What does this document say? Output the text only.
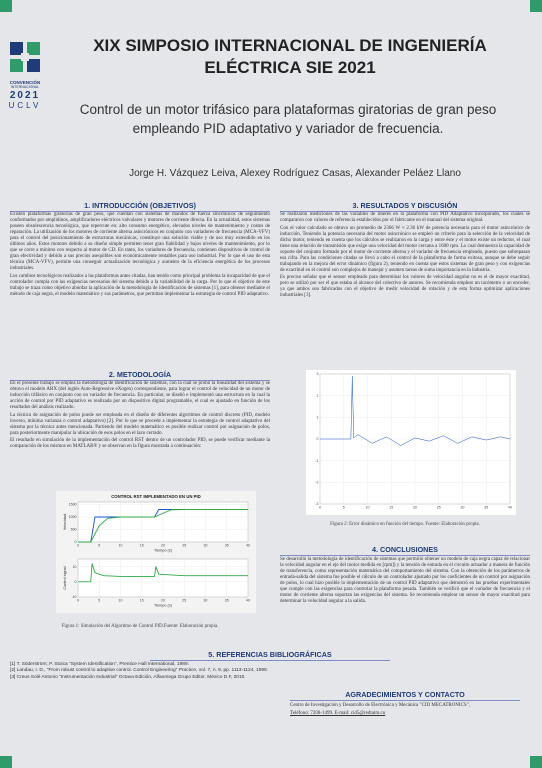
CONVENCIÓN
INTERNACIONAL
2021
UCLV
XIX SIMPOSIO INTERNACIONAL DE INGENIERÍA ELÉCTRICA SIE 2021
Control de un motor trifásico para plataformas giratorias de gran peso empleando PID adaptativo y variador de frecuencia.
Jorge H. Vázquez Leiva, Alexey Rodríguez Casas, Alexander Peláez Llano
1. INTRODUCCIÓN (OBJETIVOS)

Existen plataformas giratorias de gran peso, que cuentan con sistemas de mandos de fuerza sincrónicos de seguimiento conformados por amplidinos, amplificadores eléctricos valvulares y motores de corriente directa. En la actualidad, estos sistemas poseen obsolescencia tecnológica, que repercute en: alto consumo energético, elevados niveles de mantenimiento y costos de reparación. La utilización de los motores de corriente alterna asincrónicos en conjunto con variadores de frecuencia (MCA-VFV) para el control del posicionamiento de estructuras mecánicas, constituye una solución viable y de uso muy extendido en los últimos años. Estos motores debido a su diseño simple permiten tener gran fiabilidad y bajos niveles de mantenimiento, por lo que se corre a mínimo con respecto al motor de CD. En tanto, los variadores de frecuencia, contienen dispositivos de control de gran efectividad y debido a sus precios asequibles son económicamente rentables para uso industrial. Por lo que el uso de esta técnica (MCA-VFV), permite una conseguir actualización tecnológica y aumento de la eficiencia energética de los procesos industriales.

Los cambios tecnológicos realizados a las plataformas antes citadas, han tenido como principal problema la incapacidad de que el controlador cumpla con las exigencias necesarias del sistema debido a la variabilidad de la carga. Por lo que el objetivo de este trabajo se traza como objetivo abordar la aplicación de la metodología de identificación de sistemas [1], para obtener mediante el método de caja negra, el modelo matemático y sus parámetros, que permitan implementar la estrategia de control PID adaptativo.

2. METODOLOGÍA

En el presente trabajo se emplea la metodología de identificación de sistemas, con la cual se probó la linealidad del sistema y se obtuvo el modelo ARX (del inglés Auto-Regressive eXogen) correspondiente, para lograr el control de velocidad de un motor de inducción trifásico en conjunto con un variador de frecuencia. En particular, se diseñó e implementó una estructura en la cual la acción de control por PID adaptativo es realizada por un dispositivo digital programable, el cual es ajustado en función de los resultados del análisis realizado.

La técnica de asignación de polos puede ser empleada en el diseño de diferentes algoritmos de control discreto (PID, modelo inverso, mínima varianza o control adaptativo) [2]. Por lo que se procede a implementar la estrategia de control adaptativo del sistema por la técnica antes mencionada. Partiendo del modelo matemático es posible realizar control por asignación de polos, para posteriormente manipular la ubicación de esos polos en el lazo cerrado.

El resultado en simulación de la implementación del control RST dentro de un controlador PID, se puede verificar mediante la comparación de los mismos en MATLAB® y se observan en la figura mostrada a continuación:

CONTROL RST IMPLEMENTADO EN UN PID
0	5	10	15	20	25	30	35	40
0
500
1000
1500
Velocidad
Tiempo (s)
0	5	10	15	20	25	30	35	40
-10
0
10
Control signal
Tiempo (s)
Figura 1: Simulación del Algoritmo de Control PID.Fuente: Elaboración propia.
3. RESULTADOS Y DISCUSIÓN

Se realizaron mediciones de las variables de interés en la plataforma con PID Adaptativo incorporado, los cuales se compararon con valores de referencia establecidos por el fabricante en el manual del sistema original.

Con el valor calculado se obtuvo un promedio de 2366 W ≈ 2.36 kW de potencia necesaria para el motor asincrónico de inducción. Teniendo la potencia necesaria del motor asincrónico se empleó un criterio para la selección de la velocidad de dicho motor, teniendo en cuenta que los cálculos se realizaron en la carga y entre éste y el motor existe un reductor, el cual tiene una relación de transmisión que exige una velocidad del motor cercana a 1600 rpm. Lo cual demuestra la capacidad de soporte del conjunto formado por el motor de corriente alterna y el variador de frecuencia empleado, puesto que sobrepasan esa cifra. Para las condiciones citadas se llevó a cabo el control de la plataforma de forma exitosa, aunque se debe seguir trabajando en la mejora del error dinámico (figura 2), teniendo en cuenta que estos sistemas de gran peso y con exigencias de exactitud en el control son complejos de manejar y asumen tareas de suma importancia en la industria.

Es preciso señalar que el sensor empleado para determinar los valores de velocidad angular no es el de mayor exactitud, pero se utilizó por ser el que estaba al alcance del colectivo de autores. Se recomienda emplear un tacómetro o un encoder, ya que ambos son fabricados con el objetivo de medir velocidad de rotación y de esta forma optimizar aplicaciones industriales [3].

0	5	10	15	20	25	30	35	40
-3
-2
-1
0
1
2
3
Figura 2: Error dinámico en función del tiempo. Fuente: Elaboración propia.
4. CONCLUSIONES

Se desarrolló la metodología de identificación de sistemas que permitió obtener un modelo de caja negra capaz de relacionar la velocidad angular en el eje del motor medida en [rpm]) y la tensión de entrada en el circuito actuador a manera de función de transferencia, como representación matemática del comportamiento del sistema. Con la obtención de los parámetros de entrada-salida del sistema fue posible el cálculo de un controlador ajustado por los coeficientes de un control por asignación de polos, lo cual hizo posible la implementación de un control PID adaptativo que demostró en las pruebas experimentales que cumple con las exigencias para controlar la plataforma pesada. También se verificó que el variador de frecuencia y el motor de corriente alterna soportan las exigencias del sistema. Se recomienda emplear un sensor de mayor exactitud para determinar la velocidad angular a la salida.

5. REFERENCIAS BIBLIOGRÁFICAS
[1] T. Söderström; P. Stoica "System Identification", Prentice Hall International, 1989.
[2] Landau, I. D., "From robust control to adaptive control. Control Engineering" Practice, vol. 7, n. 9, pp. 1113-1124, 1999.
[3] Creus Solé Antonio "Instrumentación Industrial" Octava Edición, Alfaomega Grupo Editor. México D.F, 2010.
AGRADECIMIENTOS Y CONTACTO

Centro de Investigación y Desarrollo de Electrónica y Mecánica "CID MECATRONICS",

Teléfono: 7208-1499. E-mail: cid5@redtaim.cu
